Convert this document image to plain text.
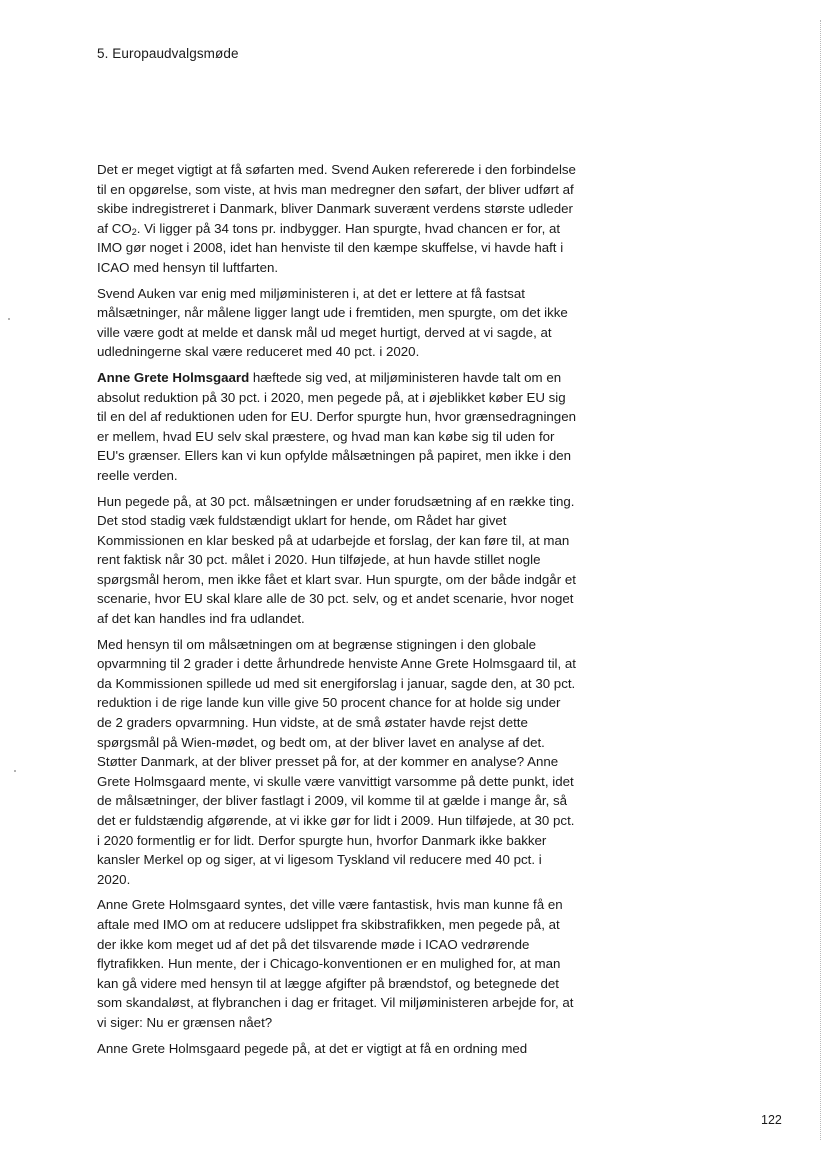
5. Europaudvalgsmøde

Det er meget vigtigt at få søfarten med. Svend Auken refererede i den forbindelse til en opgørelse, som viste, at hvis man medregner den søfart, der bliver udført af skibe indregistreret i Danmark, bliver Danmark suverænt verdens største udleder af $CO_2$. Vi ligger på 34 tons pr. indbygger. Han spurgte, hvad chancen er for, at IMO gør noget i 2008, idet han henviste til den kæmpe skuffelse, vi havde haft i ICAO med hensyn til luftfarten.

Svend Auken var enig med miljøministeren i, at det er lettere at få fastsat målsætninger, når målene ligger langt ude i fremtiden, men spurgte, om det ikke ville være godt at melde et dansk mål ud meget hurtigt, derved at vi sagde, at udledningerne skal være reduceret med 40 pct. i 2020.

Anne Grete Holmsgaard hæftede sig ved, at miljøministeren havde talt om en absolut reduktion på 30 pct. i 2020, men pegede på, at i øjeblikket køber EU sig til en del af reduktionen uden for EU. Derfor spurgte hun, hvor grænsedragningen er mellem, hvad EU selv skal præstere, og hvad man kan købe sig til uden for EU's grænser. Ellers kan vi kun opfylde målsætningen på papiret, men ikke i den reelle verden.

Hun pegede på, at 30 pct. målsætningen er under forudsætning af en række ting. Det stod stadig væk fuldstændigt uklart for hende, om Rådet har givet Kommissionen en klar besked på at udarbejde et forslag, der kan føre til, at man rent faktisk når 30 pct. målet i 2020. Hun tilføjede, at hun havde stillet nogle spørgsmål herom, men ikke fået et klart svar. Hun spurgte, om der både indgår et scenarie, hvor EU skal klare alle de 30 pct. selv, og et andet scenarie, hvor noget af det kan handles ind fra udlandet.

Med hensyn til om målsætningen om at begrænse stigningen i den globale opvarmning til 2 grader i dette århundrede henviste Anne Grete Holmsgaard til, at da Kommissionen spillede ud med sit energiforslag i januar, sagde den, at 30 pct. reduktion i de rige lande kun ville give 50 procent chance for at holde sig under de 2 graders opvarmning. Hun vidste, at de små østater havde rejst dette spørgsmål på Wien-mødet, og bedt om, at der bliver lavet en analyse af det. Støtter Danmark, at der bliver presset på for, at der kommer en analyse? Anne Grete Holmsgaard mente, vi skulle være vanvittigt varsomme på dette punkt, idet de målsætninger, der bliver fastlagt i 2009, vil komme til at gælde i mange år, så det er fuldstændig afgørende, at vi ikke gør for lidt i 2009. Hun tilføjede, at 30 pct. i 2020 formentlig er for lidt. Derfor spurgte hun, hvorfor Danmark ikke bakker kansler Merkel op og siger, at vi ligesom Tyskland vil reducere med 40 pct. i 2020.

Anne Grete Holmsgaard syntes, det ville være fantastisk, hvis man kunne få en aftale med IMO om at reducere udslippet fra skibstrafikken, men pegede på, at der ikke kom meget ud af det på det tilsvarende møde i ICAO vedrørende flytrafikken. Hun mente, der i Chicago-konventionen er en mulighed for, at man kan gå videre med hensyn til at lægge afgifter på brændstof, og betegnede det som skandaløst, at flybranchen i dag er fritaget. Vil miljøministeren arbejde for, at vi siger: Nu er grænsen nået?

Anne Grete Holmsgaard pegede på, at det er vigtigt at få en ordning med

122
